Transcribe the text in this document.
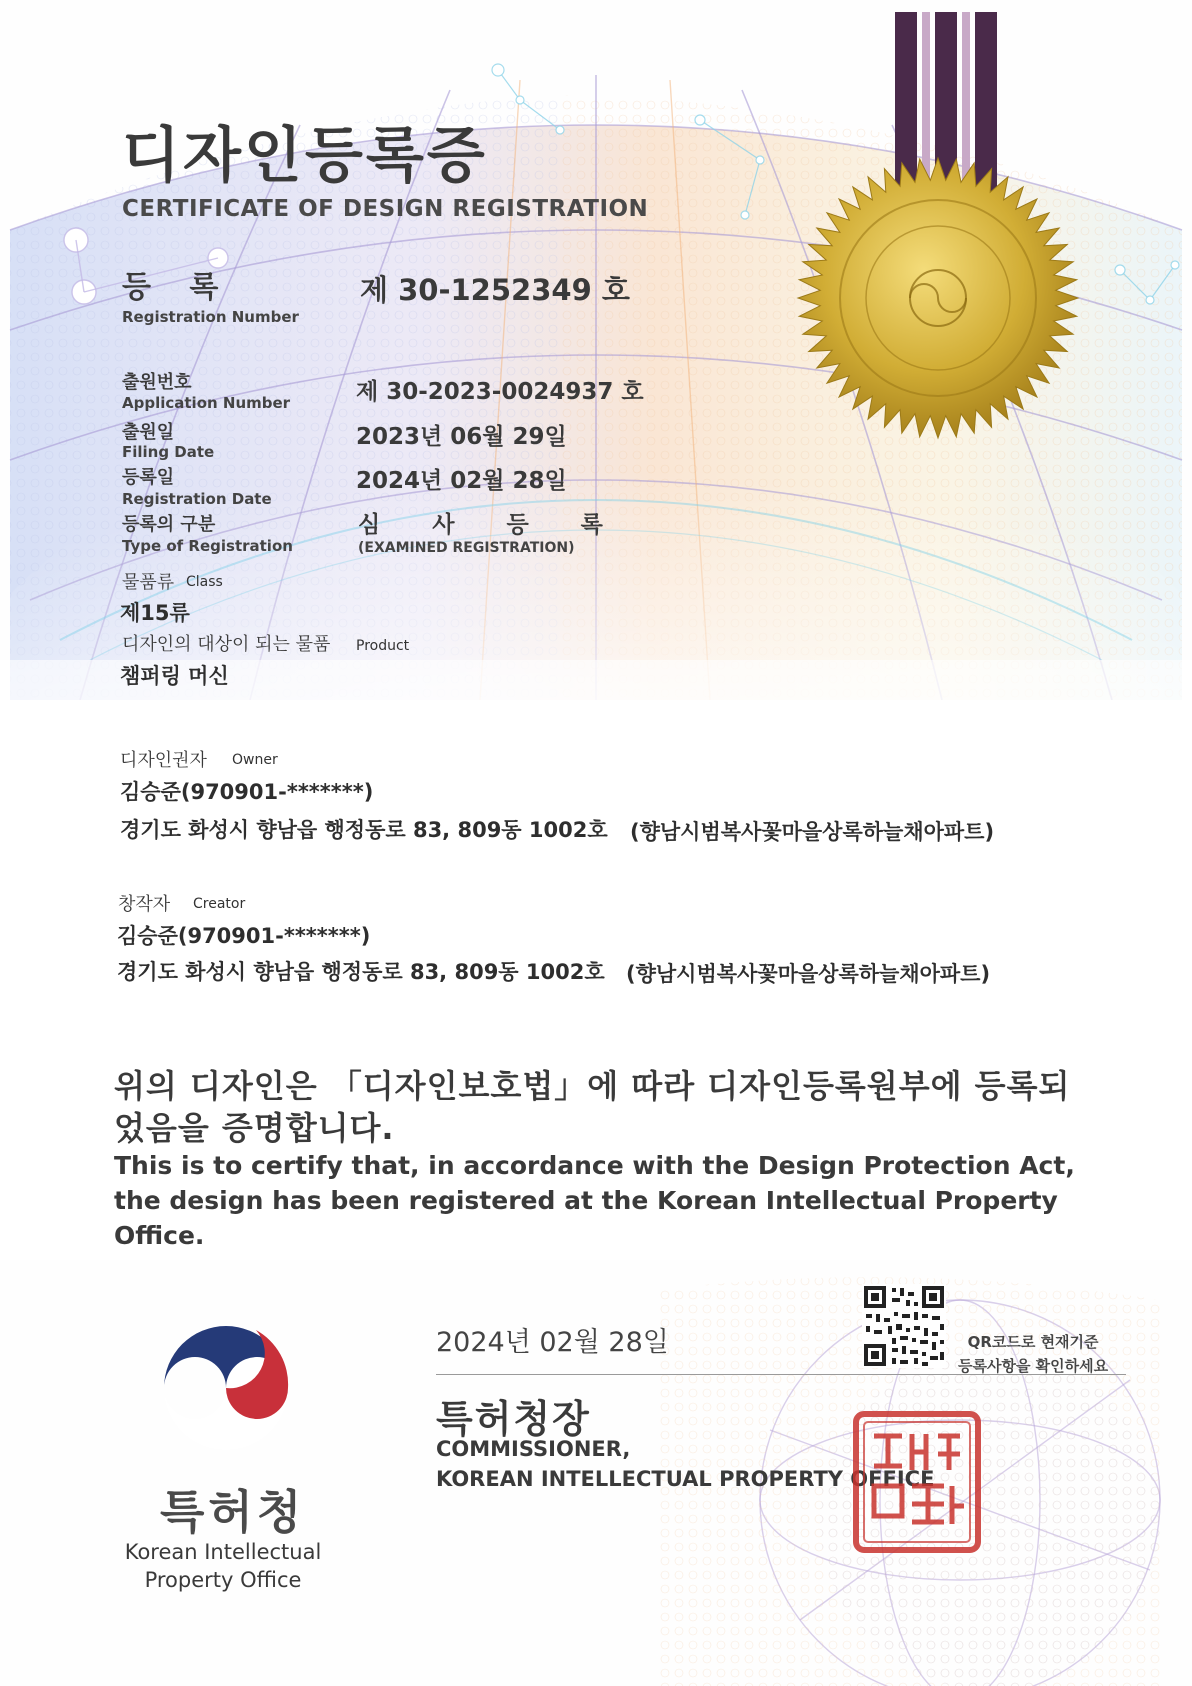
디자인등록증
CERTIFICATE OF DESIGN REGISTRATION
등 록
Registration Number
제 30-1252349 호
출원번호
Application Number	제 30-2023-0024937 호
출원일
Filing Date
2023년 06월 29일
등록일
Registration Date
2024년 02월 28일
등록의 구분
Type of Registration
심 사 등 록
(EXAMINED REGISTRATION)
물품류 Class
제15류
디자인의 대상이 되는 물품 Product
챔퍼링 머신
디자인권자 Owner
김승준(970901-*******)
경기도 화성시 향남읍 행정동로 83, 809동 1002호 (향남시범복사꽃마을상록하늘채아파트)
창작자 Creator
김승준(970901-*******)
경기도 화성시 향남읍 행정동로 83, 809동 1002호 (향남시범복사꽃마을상록하늘채아파트)
위의 디자인은 「디자인보호법」에 따라 디자인등록원부에 등록되었음을 증명합니다.
This is to certify that, in accordance with the Design Protection Act, the design has been registered at the Korean Intellectual Property Office.
2024년 02월 28일
특허청장
COMMISSIONER,
KOREAN INTELLECTUAL PROPERTY OFFICE
QR코드로 현재기준
등록사항을 확인하세요
특허청
Korean Intellectual Property Office
